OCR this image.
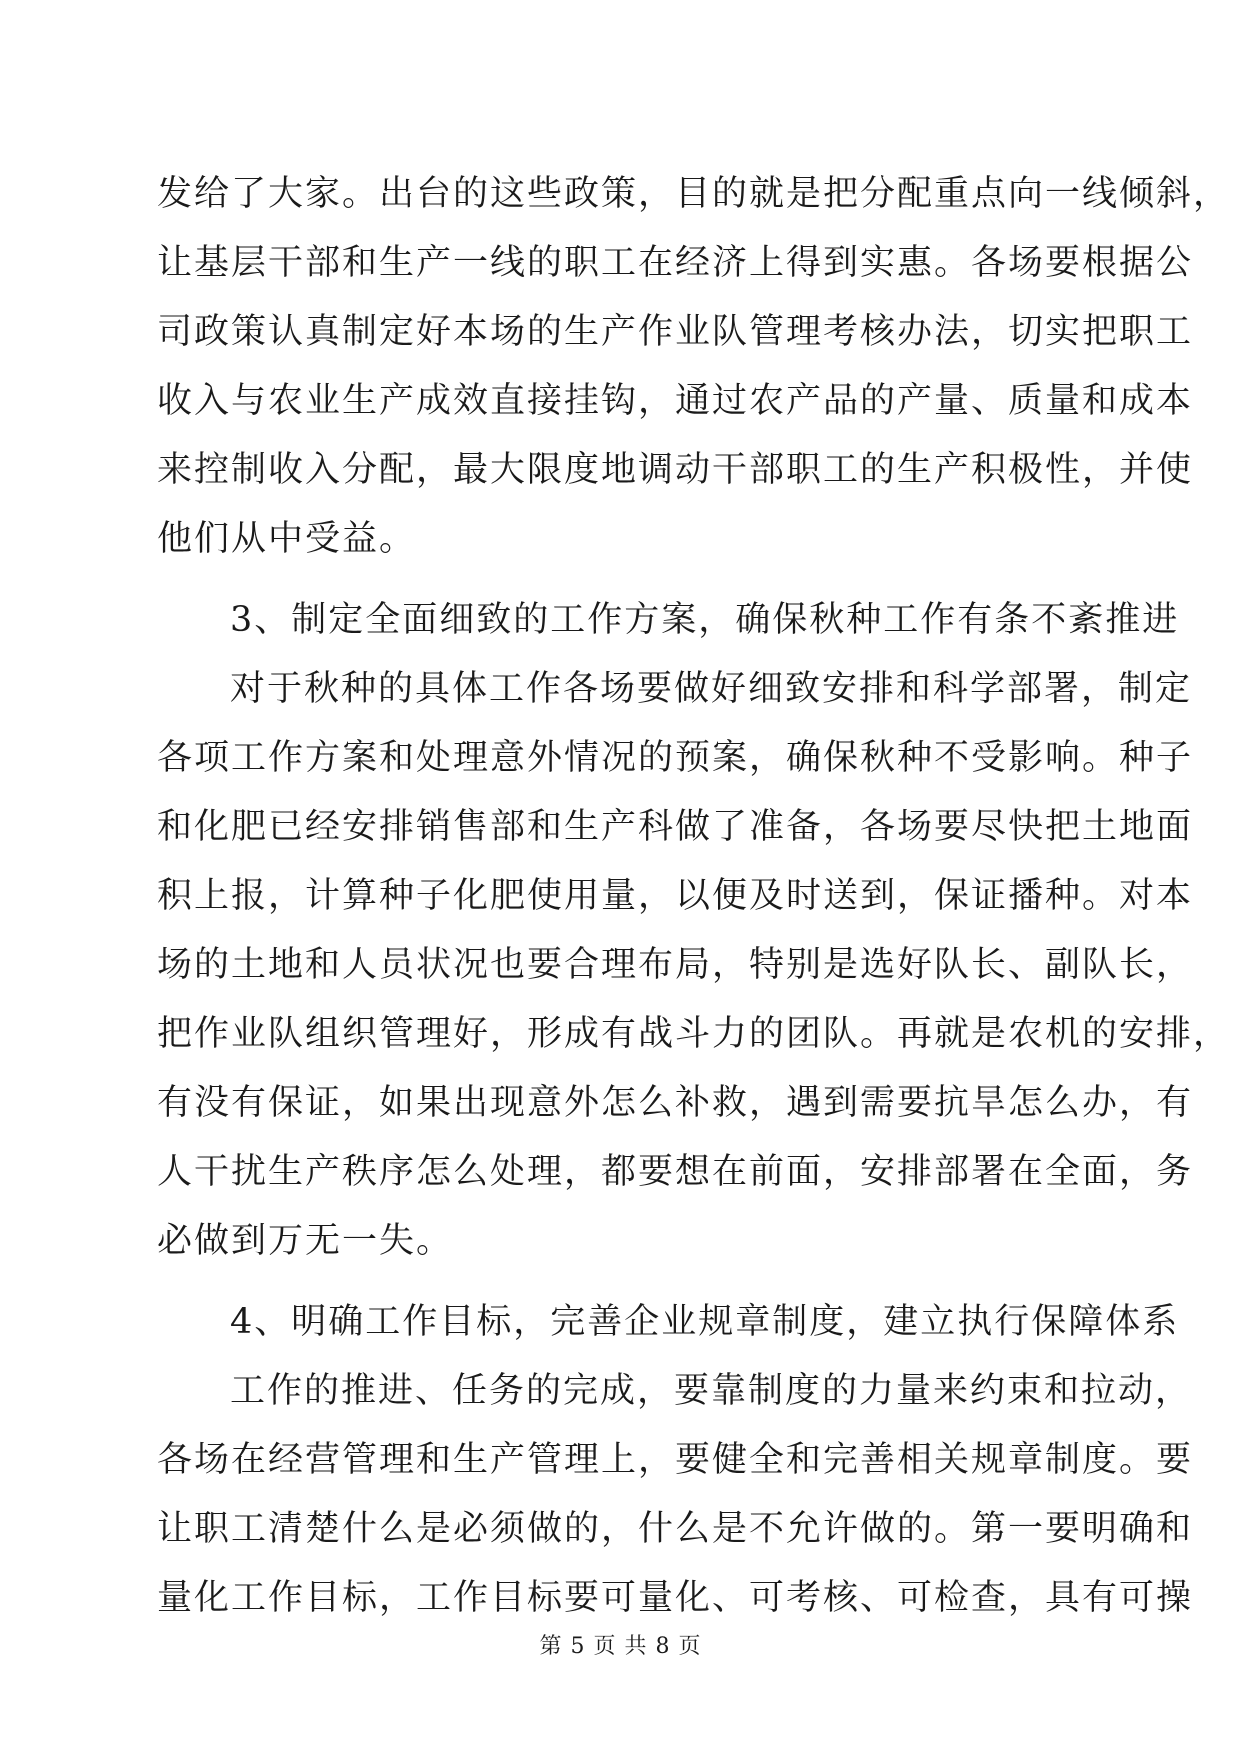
发给了大家。出台的这些政策，目的就是把分配重点向一线倾斜，
让基层干部和生产一线的职工在经济上得到实惠。各场要根据公
司政策认真制定好本场的生产作业队管理考核办法，切实把职工
收入与农业生产成效直接挂钩，通过农产品的产量、质量和成本
来控制收入分配，最大限度地调动干部职工的生产积极性，并使
他们从中受益。
3、制定全面细致的工作方案，确保秋种工作有条不紊推进
对于秋种的具体工作各场要做好细致安排和科学部署，制定
各项工作方案和处理意外情况的预案，确保秋种不受影响。种子
和化肥已经安排销售部和生产科做了准备，各场要尽快把土地面
积上报，计算种子化肥使用量，以便及时送到，保证播种。对本
场的土地和人员状况也要合理布局，特别是选好队长、副队长，
把作业队组织管理好，形成有战斗力的团队。再就是农机的安排，
有没有保证，如果出现意外怎么补救，遇到需要抗旱怎么办，有
人干扰生产秩序怎么处理，都要想在前面，安排部署在全面，务
必做到万无一失。
4、明确工作目标，完善企业规章制度，建立执行保障体系
工作的推进、任务的完成，要靠制度的力量来约束和拉动，
各场在经营管理和生产管理上，要健全和完善相关规章制度。要
让职工清楚什么是必须做的，什么是不允许做的。第一要明确和
第 5 页 共 8 页
量化工作目标，工作目标要可量化、可考核、可检查，具有可操
